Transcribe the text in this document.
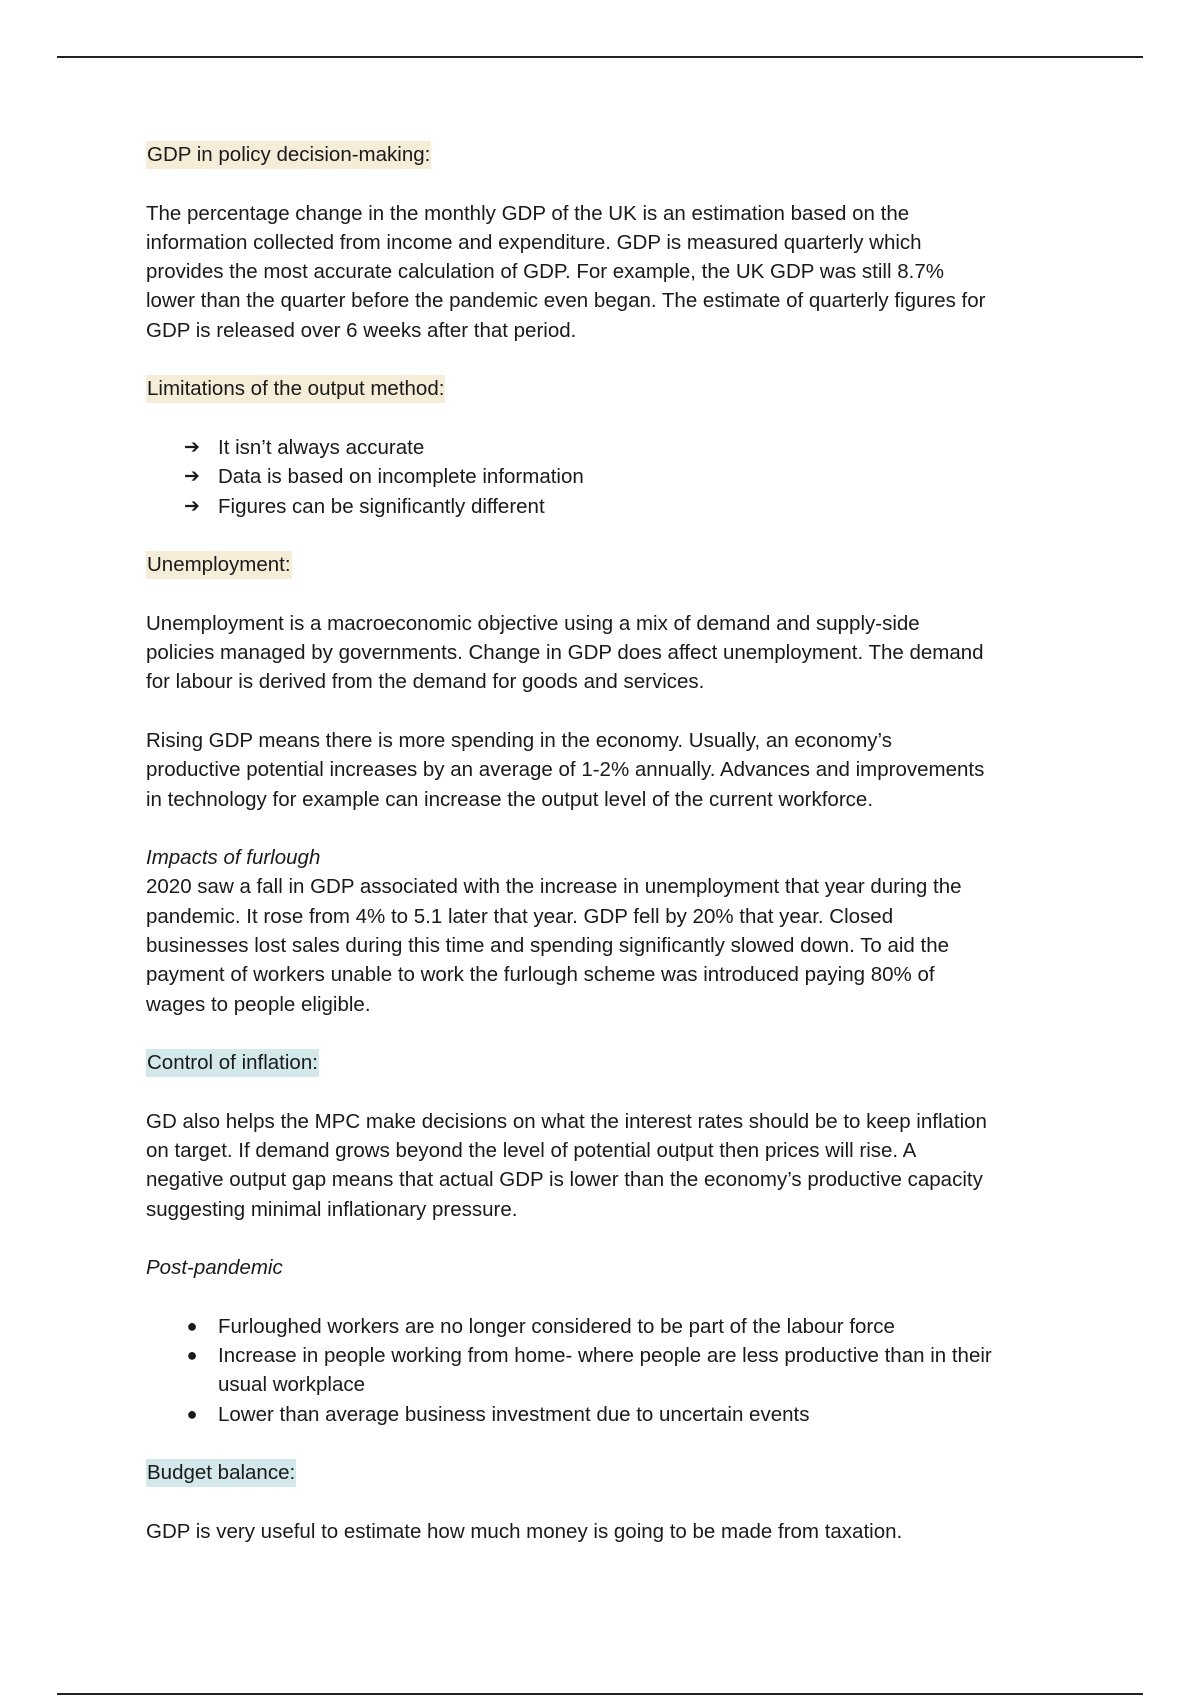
GDP in policy decision-making:

The percentage change in the monthly GDP of the UK is an estimation based on the
information collected from income and expenditure. GDP is measured quarterly which
provides the most accurate calculation of GDP. For example, the UK GDP was still 8.7%
lower than the quarter before the pandemic even began. The estimate of quarterly figures for
GDP is released over 6 weeks after that period.

Limitations of the output method:

➔ It isn’t always accurate
➔ Data is based on incomplete information
➔ Figures can be significantly different

Unemployment:

Unemployment is a macroeconomic objective using a mix of demand and supply-side
policies managed by governments. Change in GDP does affect unemployment. The demand
for labour is derived from the demand for goods and services.

Rising GDP means there is more spending in the economy. Usually, an economy’s
productive potential increases by an average of 1-2% annually. Advances and improvements
in technology for example can increase the output level of the current workforce.

Impacts of furlough

2020 saw a fall in GDP associated with the increase in unemployment that year during the
pandemic. It rose from 4% to 5.1 later that year. GDP fell by 20% that year. Closed
businesses lost sales during this time and spending significantly slowed down. To aid the
payment of workers unable to work the furlough scheme was introduced paying 80% of
wages to people eligible.

Control of inflation:

GD also helps the MPC make decisions on what the interest rates should be to keep inflation
on target. If demand grows beyond the level of potential output then prices will rise. A
negative output gap means that actual GDP is lower than the economy’s productive capacity
suggesting minimal inflationary pressure.

Post-pandemic

● Furloughed workers are no longer considered to be part of the labour force
● Increase in people working from home- where people are less productive than in their
usual workplace
● Lower than average business investment due to uncertain events

Budget balance:

GDP is very useful to estimate how much money is going to be made from taxation.
